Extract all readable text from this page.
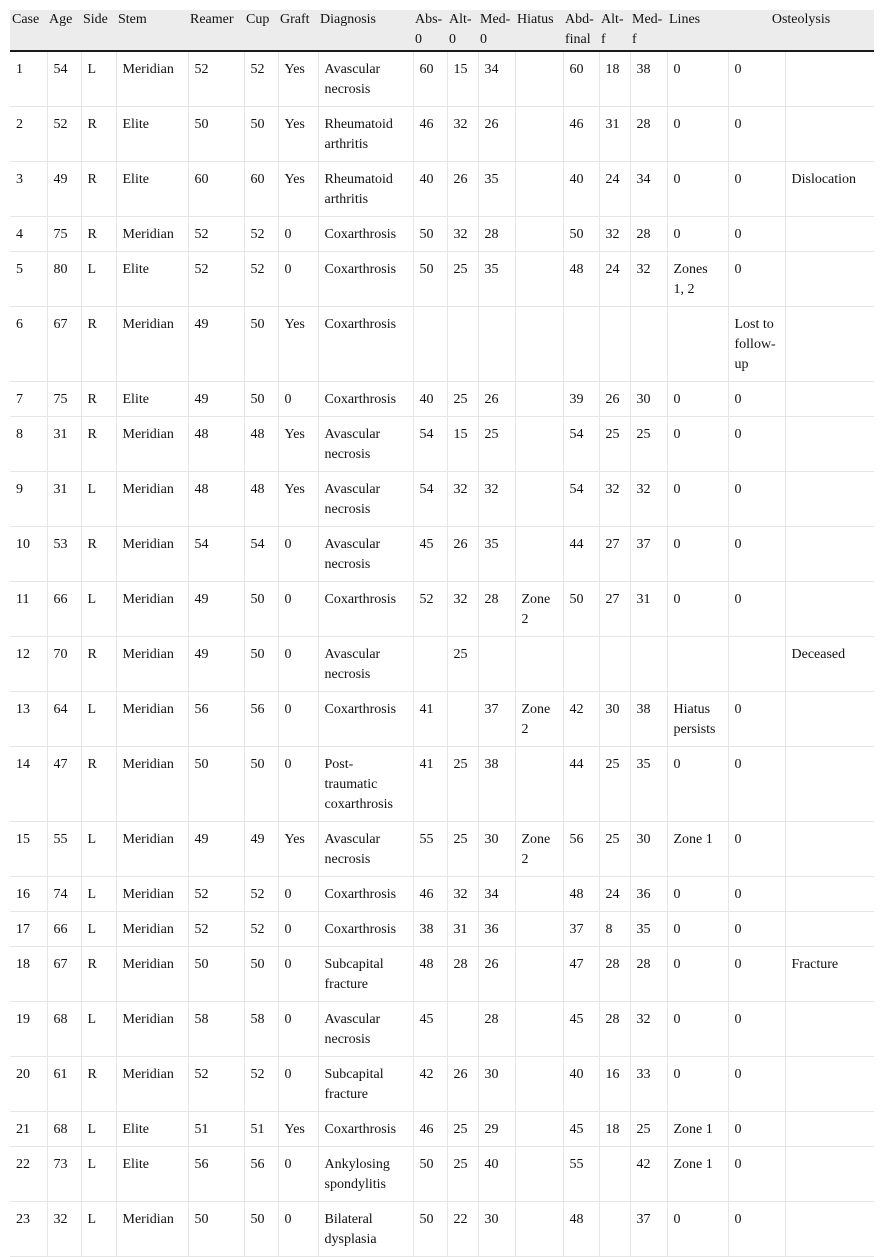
Case	Age	Side	Stem	Reamer	Cup	Graft	Diagnosis	Abs-
0	Alt-
0	Med-
0	Hiatus	Abd-
final	Alt-
f	Med-
f	Lines	Osteolysis	
1	54	L	Meridian	52	52	Yes	Avascular
necrosis	60	15	34		60	18	38	0	0	
2	52	R	Elite	50	50	Yes	Rheumatoid
arthritis	46	32	26		46	31	28	0	0	
3	49	R	Elite	60	60	Yes	Rheumatoid
arthritis	40	26	35		40	24	34	0	0	Dislocation
4	75	R	Meridian	52	52	0	Coxarthrosis	50	32	28		50	32	28	0	0	
5	80	L	Elite	52	52	0	Coxarthrosis	50	25	35		48	24	32	Zones
1, 2	0	
6	67	R	Meridian	49	50	Yes	Coxarthrosis									Lost to
follow-
up	
7	75	R	Elite	49	50	0	Coxarthrosis	40	25	26		39	26	30	0	0	
8	31	R	Meridian	48	48	Yes	Avascular
necrosis	54	15	25		54	25	25	0	0	
9	31	L	Meridian	48	48	Yes	Avascular
necrosis	54	32	32		54	32	32	0	0	
10	53	R	Meridian	54	54	0	Avascular
necrosis	45	26	35		44	27	37	0	0	
11	66	L	Meridian	49	50	0	Coxarthrosis	52	32	28	Zone
2	50	27	31	0	0	
12	70	R	Meridian	49	50	0	Avascular
necrosis		25								Deceased
13	64	L	Meridian	56	56	0	Coxarthrosis	41		37	Zone
2	42	30	38	Hiatus
persists	0	
14	47	R	Meridian	50	50	0	Post-
traumatic
coxarthrosis	41	25	38		44	25	35	0	0	
15	55	L	Meridian	49	49	Yes	Avascular
necrosis	55	25	30	Zone
2	56	25	30	Zone 1	0	
16	74	L	Meridian	52	52	0	Coxarthrosis	46	32	34		48	24	36	0	0	
17	66	L	Meridian	52	52	0	Coxarthrosis	38	31	36		37	8	35	0	0	
18	67	R	Meridian	50	50	0	Subcapital
fracture	48	28	26		47	28	28	0	0	Fracture
19	68	L	Meridian	58	58	0	Avascular
necrosis	45		28		45	28	32	0	0	
20	61	R	Meridian	52	52	0	Subcapital
fracture	42	26	30		40	16	33	0	0	
21	68	L	Elite	51	51	Yes	Coxarthrosis	46	25	29		45	18	25	Zone 1	0	
22	73	L	Elite	56	56	0	Ankylosing
spondylitis	50	25	40		55		42	Zone 1	0	
23	32	L	Meridian	50	50	0	Bilateral
dysplasia	50	22	30		48		37	0	0	
